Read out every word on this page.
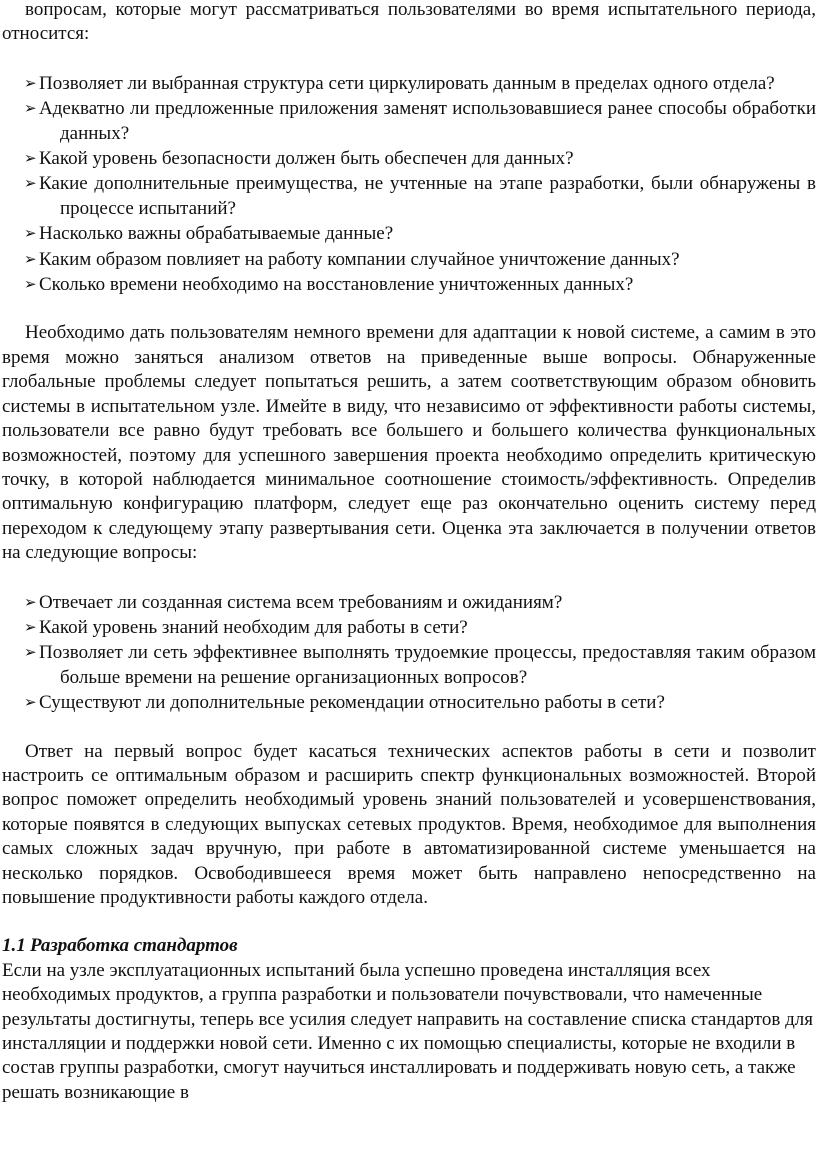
вопросам, которые могут рассматриваться пользователями во время испытательного периода, относится:

➢ Позволяет ли выбранная структура сети циркулировать данным в пределах одного отдела?
➢ Адекватно ли предложенные приложения заменят использовавшиеся ранее способы обработки данных?
➢ Какой уровень безопасности должен быть обеспечен для данных?
➢ Какие дополнительные преимущества, не учтенные на этапе разработки, были обнаружены в процессе испытаний?
➢ Насколько важны обрабатываемые данные?
➢ Каким образом повлияет на работу компании случайное уничтожение данных?
➢ Сколько времени необходимо на восстановление уничтоженных данных?

Необходимо дать пользователям немного времени для адаптации к новой системе, а самим в это время можно заняться анализом ответов на приведенные выше вопросы. Обнаруженные глобальные проблемы следует попытаться решить, а затем соответствующим образом обновить системы в испытательном узле. Имейте в виду, что независимо от эффективности работы системы, пользователи все равно будут требовать все большего и большего количества функциональных возможностей, поэтому для успешного завершения проекта необходимо определить критическую точку, в которой наблюдается минимальное соотношение стоимость/эффективность. Определив оптимальную конфигурацию платформ, следует еще раз окончательно оценить систему перед переходом к следующему этапу развертывания сети. Оценка эта заключается в получении ответов на следующие вопросы:

➢ Отвечает ли созданная система всем требованиям и ожиданиям?
➢ Какой уровень знаний необходим для работы в сети?
➢ Позволяет ли сеть эффективнее выполнять трудоемкие процессы, предоставляя таким образом больше времени на решение организационных вопросов?
➢ Существуют ли дополнительные рекомендации относительно работы в сети?

Ответ на первый вопрос будет касаться технических аспектов работы в сети и позволит настроить се оптимальным образом и расширить спектр функциональных возможностей. Второй вопрос поможет определить необходимый уровень знаний пользователей и усовершенствования, которые появятся в следующих выпусках сетевых продуктов. Время, необходимое для выполнения самых сложных задач вручную, при работе в автоматизированной системе уменьшается на несколько порядков. Освободившееся время может быть направлено непосредственно на повышение продуктивности работы каждого отдела.

1.1 Разработка стандартов

Если на узле эксплуатационных испытаний была успешно проведена инсталляция всех необходимых продуктов, а группа разработки и пользователи почувствовали, что намеченные результаты достигнуты, теперь все усилия следует направить на составление списка стандартов для инсталляции и поддержки новой сети. Именно с их помощью специалисты, которые не входили в состав группы разработки, смогут научиться инсталлировать и поддерживать новую сеть, а также решать возникающие в
